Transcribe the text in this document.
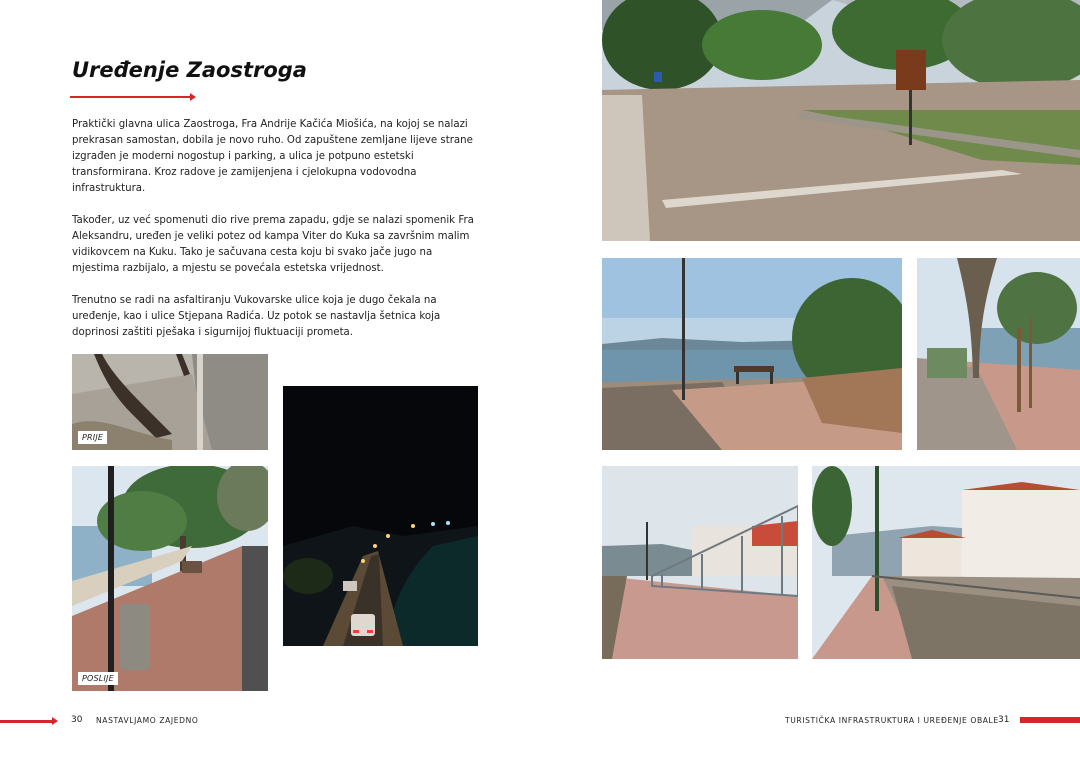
Uređenje Zaostroga

Praktički glavna ulica Zaostroga, Fra Andrije Kačića Miošića, na kojoj se nalazi prekrasan samostan, dobila je novo ruho. Od zapuštene zemljane lijeve strane izgrađen je moderni nogostup i parking, a ulica je potpuno estetski transformirana. Kroz radove je zamijenjena i cjelokupna vodovodna infrastruktura.

Također, uz već spomenuti dio rive prema zapadu, gdje se nalazi spomenik Fra Aleksandru, uređen je veliki potez od kampa Viter do Kuka sa završnim malim vidikovcem na Kuku. Tako je sačuvana cesta koju bi svako jače jugo na mjestima razbijalo, a mjestu se povećala estetska vrijednost.

Trenutno se radi na asfaltiranju Vukovarske ulice koja je dugo čekala na uređenje, kao i ulice Stjepana Radića. Uz potok se nastavlja šetnica koja doprinosi zaštiti pješaka i sigurnijoj fluktuaciji prometa.

PRIJE
POSLIJE
30 NASTAVLJAMO ZAJEDNO	TURISTIČKA INFRASTRUKTURA I UREĐENJE OBALE 31
